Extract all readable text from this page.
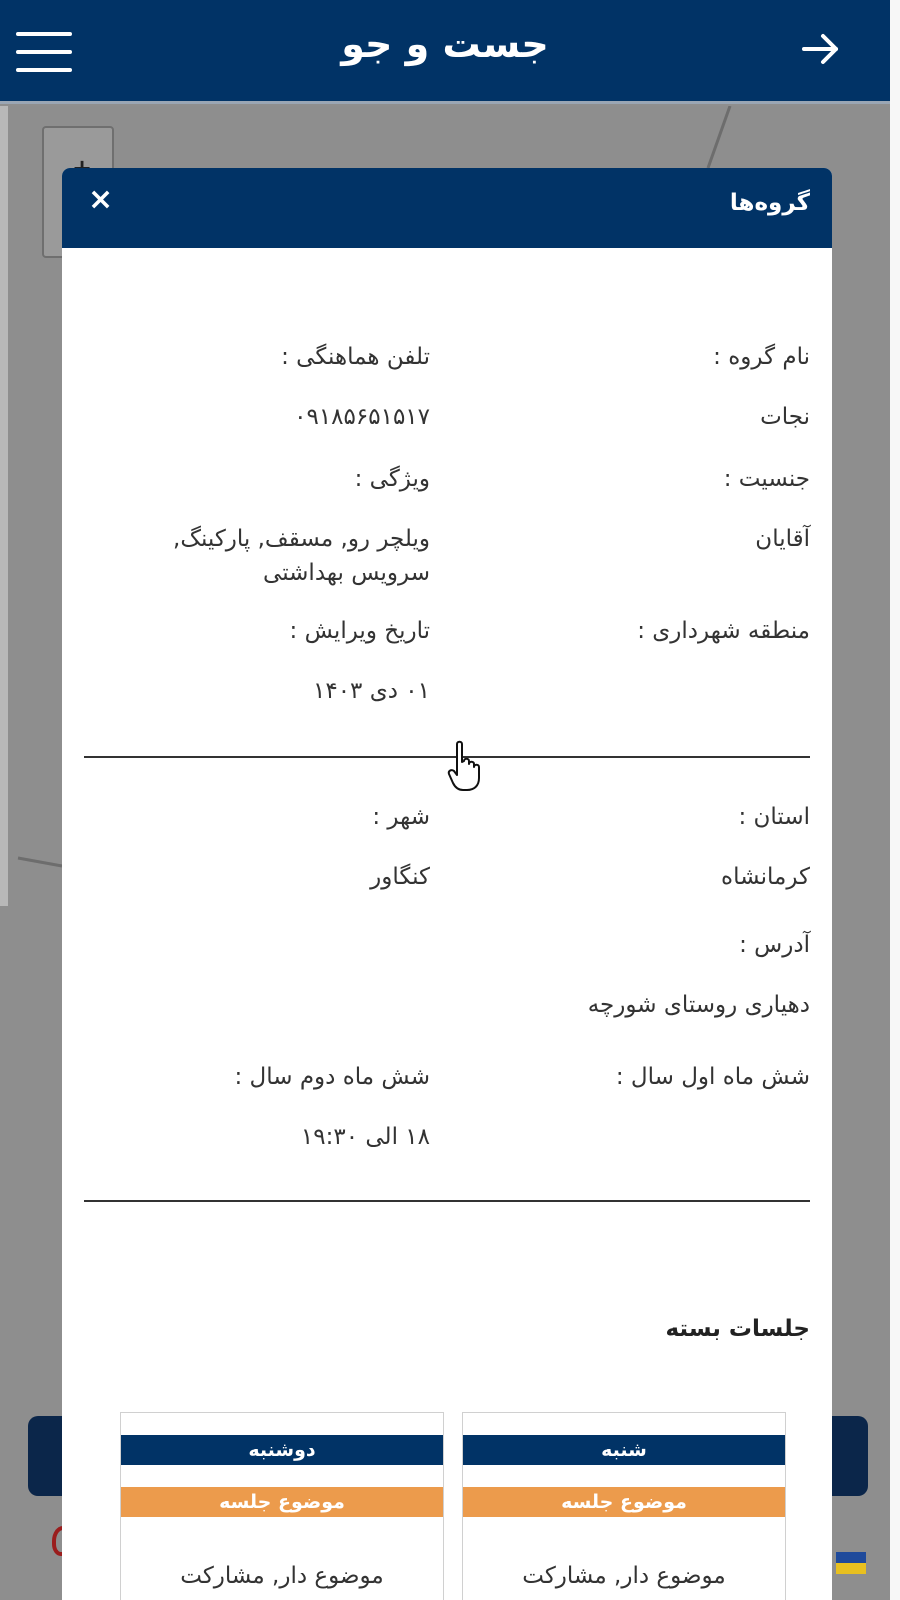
جست و جو
گروه‌ها
×
نام گروه :
تلفن هماهنگی :
نجات
۰۹۱۸۵۶۵۱۵۱۷
جنسیت :
ویژگی :
آقایان
ویلچر رو, مسقف, پارکینگ,
سرویس بهداشتی
منطقه شهرداری :
تاریخ ویرایش :
۰۱ دی ۱۴۰۳
استان :
شهر :
کرمانشاه
کنگاور
آدرس :
دهیاری روستای شورچه
شش ماه اول سال :
شش ماه دوم سال :
۱۸ الی ۱۹:۳۰
جلسات بسته
شنبه
موضوع جلسه
موضوع دار, مشارکت
دوشنبه
موضوع جلسه
موضوع دار, مشارکت
